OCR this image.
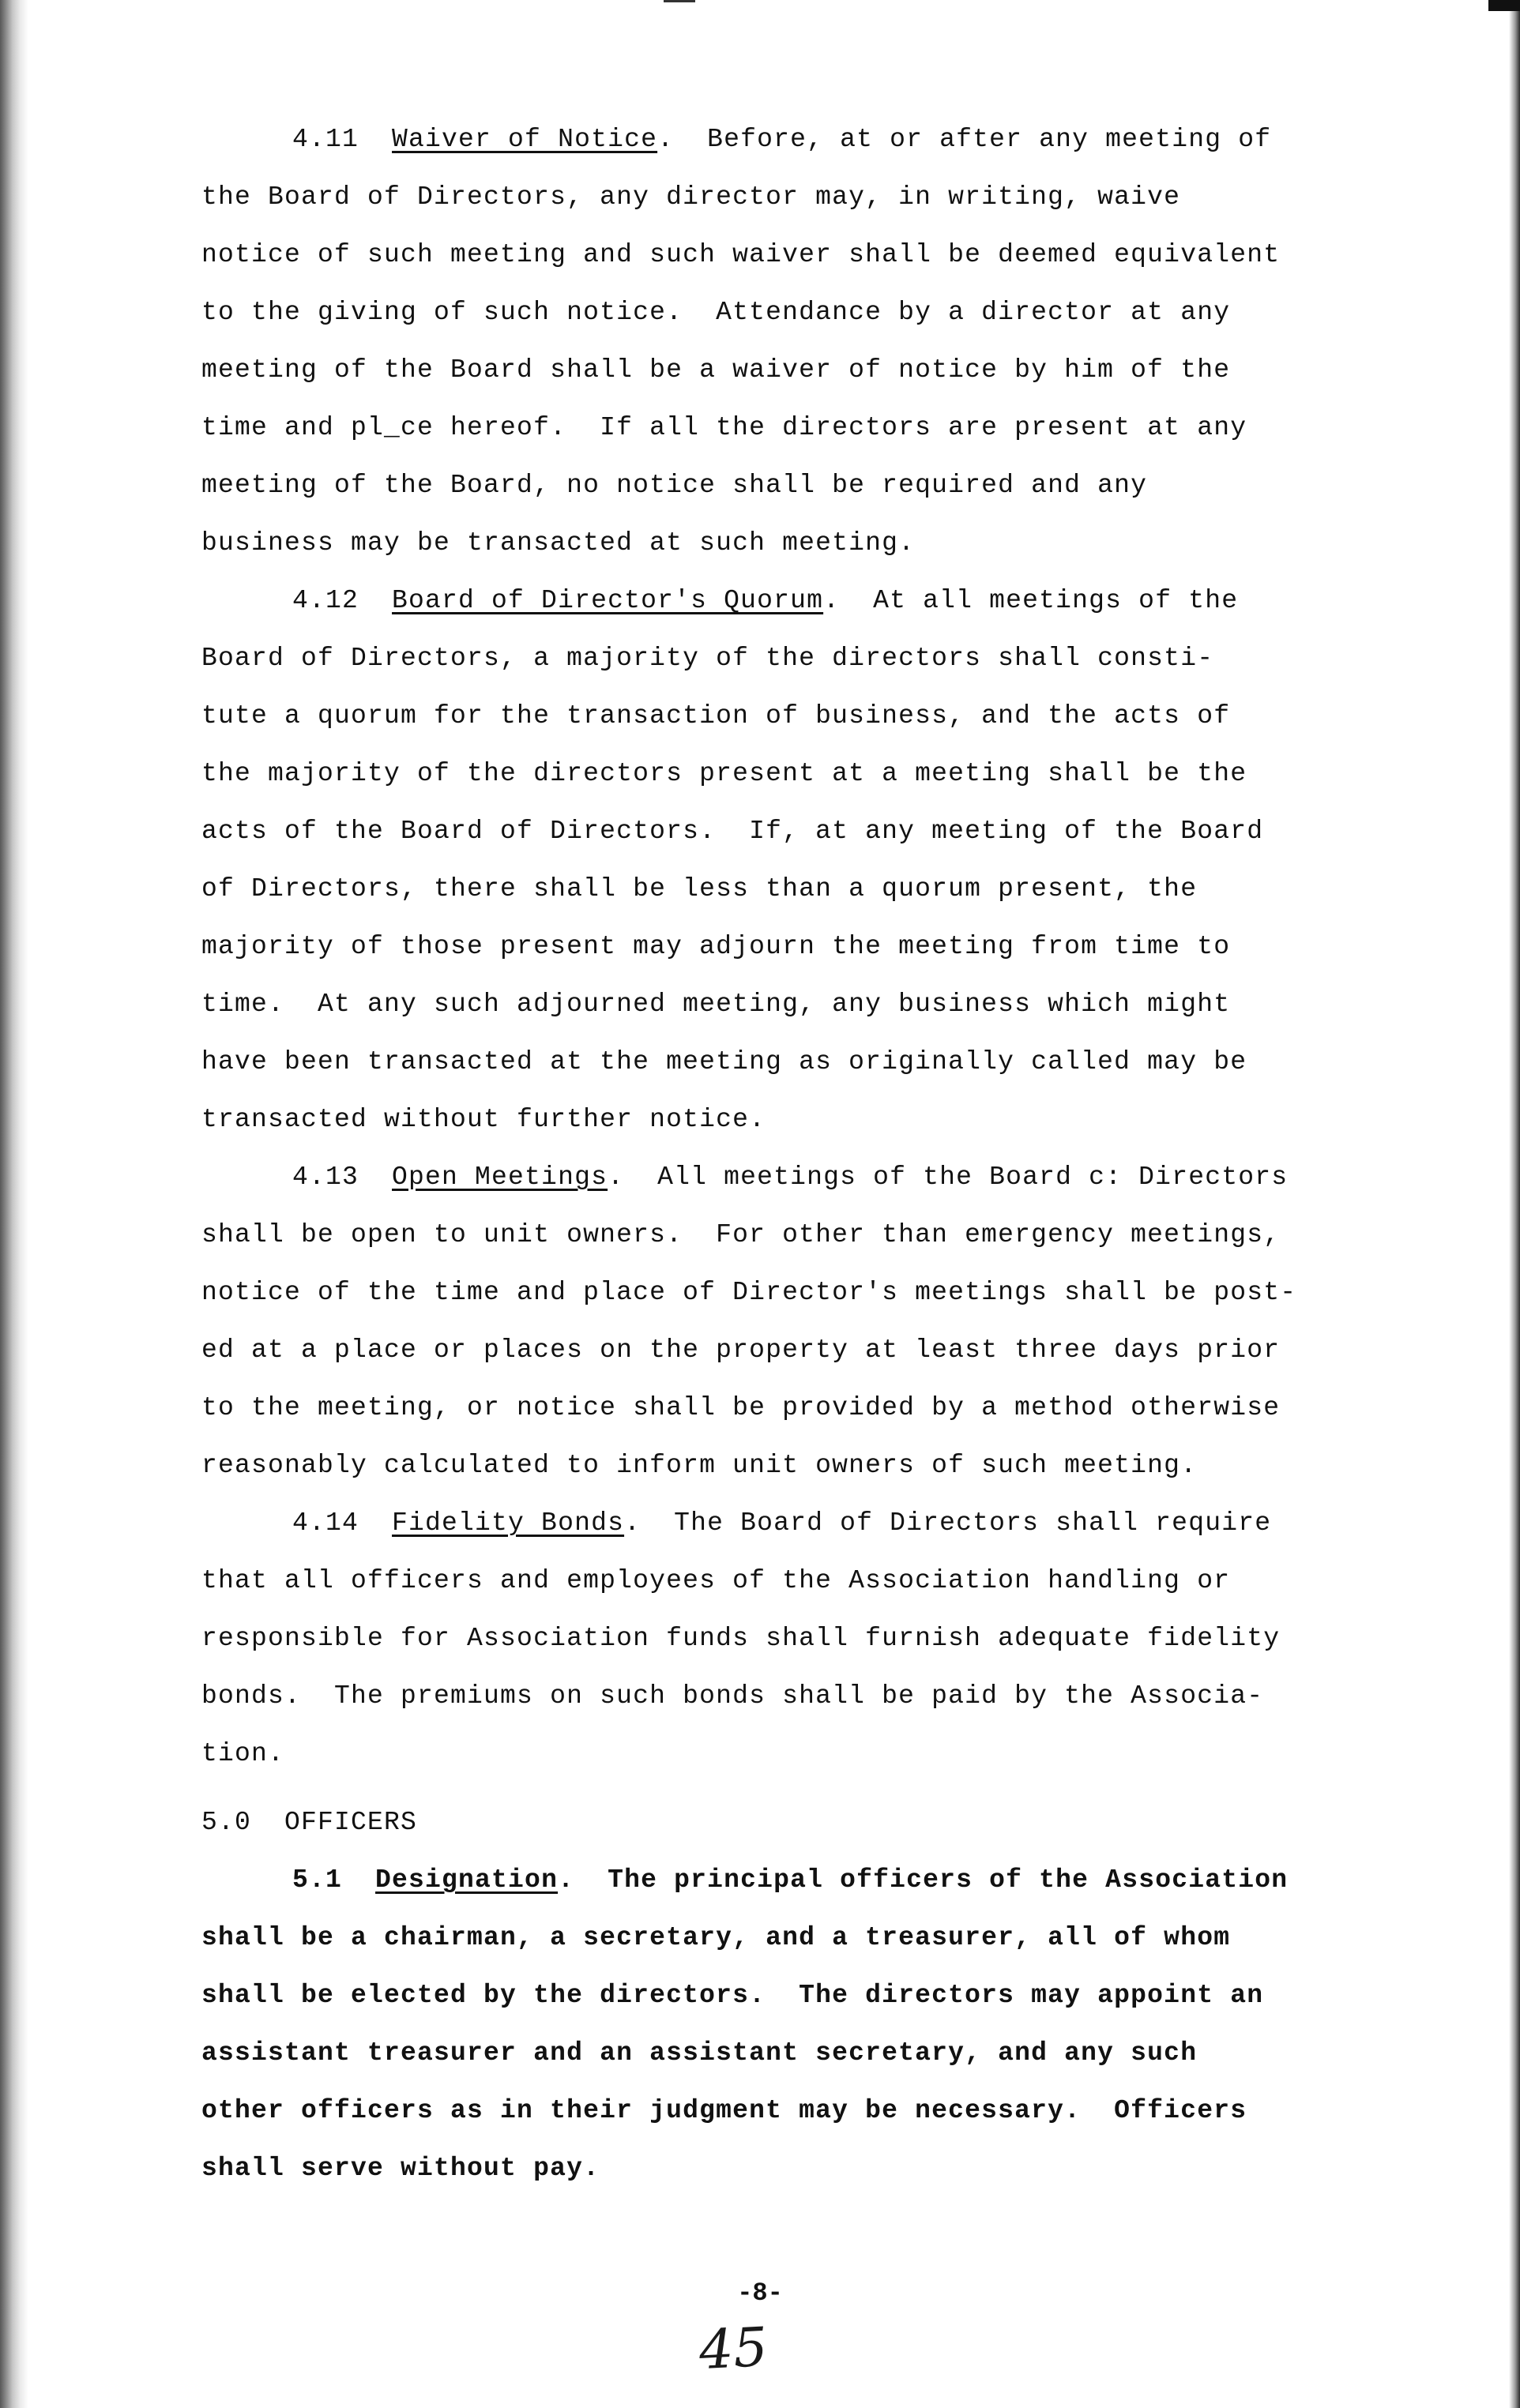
4.11 Waiver of Notice.  Before, at or after any meeting of
the Board of Directors, any director may, in writing, waive
notice of such meeting and such waiver shall be deemed equivalent
to the giving of such notice.  Attendance by a director at any
meeting of the Board shall be a waiver of notice by him of the
time and pl_ce hereof.  If all the directors are present at any
meeting of the Board, no notice shall be required and any
business may be transacted at such meeting.
4.12 Board of Director's Quorum.  At all meetings of the
Board of Directors, a majority of the directors shall consti-
tute a quorum for the transaction of business, and the acts of
the majority of the directors present at a meeting shall be the
acts of the Board of Directors.  If, at any meeting of the Board
of Directors, there shall be less than a quorum present, the
majority of those present may adjourn the meeting from time to
time.  At any such adjourned meeting, any business which might
have been transacted at the meeting as originally called may be
transacted without further notice.
4.13 Open Meetings.  All meetings of the Board c: Directors
shall be open to unit owners.  For other than emergency meetings,
notice of the time and place of Director's meetings shall be post-
ed at a place or places on the property at least three days prior
to the meeting, or notice shall be provided by a method otherwise
reasonably calculated to inform unit owners of such meeting.
4.14 Fidelity Bonds.  The Board of Directors shall require
that all officers and employees of the Association handling or
responsible for Association funds shall furnish adequate fidelity
bonds.  The premiums on such bonds shall be paid by the Associa-
tion.
5.0  OFFICERS
5.1 Designation.  The principal officers of the Association
shall be a chairman, a secretary, and a treasurer, all of whom
shall be elected by the directors.  The directors may appoint an
assistant treasurer and an assistant secretary, and any such
other officers as in their judgment may be necessary.  Officers
shall serve without pay.
-8-
45
